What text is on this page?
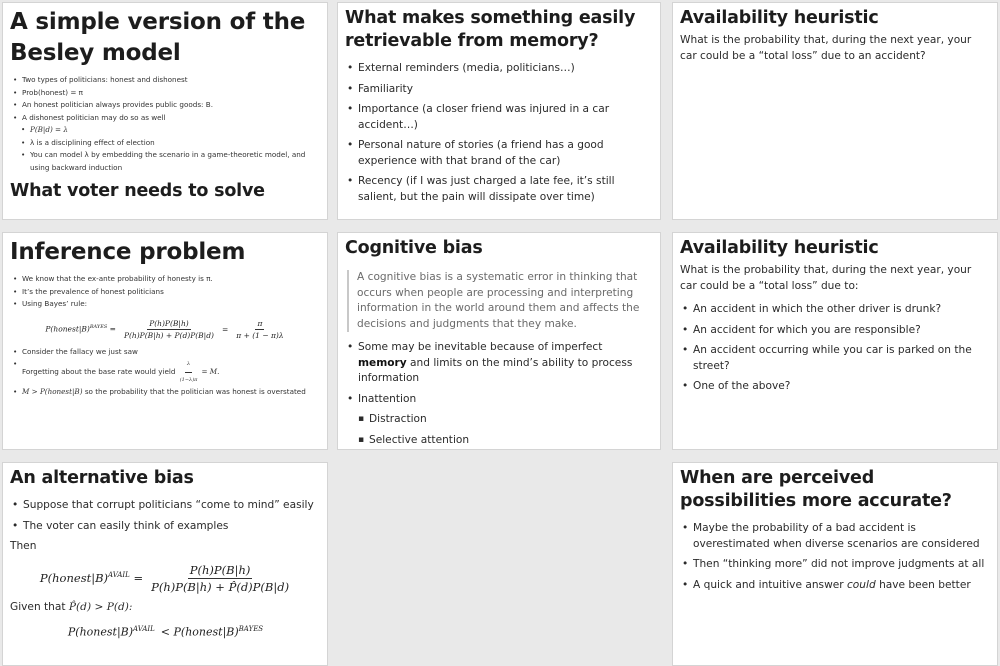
A simple version of the Besley model
• Two types of politicians: honest and dishonest
• Prob(honest) = π
• An honest politician always provides public goods: B.
• A dishonest politician may do so as well
• P(B|d) = λ
• λ is a disciplining effect of election
• You can model λ by embedding the scenario in a game-theoretic model, and using backward induction
What voter needs to solve
What makes something easily retrievable from memory?
• External reminders (media, politicians…)
• Familiarity
• Importance (a closer friend was injured in a car accident…)
• Personal nature of stories (a friend has a good experience with that brand of the car)
• Recency (if I was just charged a late fee, it’s still salient, but the pain will dissipate over time)
Availability heuristic

What is the probability that, during the next year, your car could be a “total loss” due to an accident?

Inference problem
• We know that the ex-ante probability of honesty is π.
• It’s the prevalence of honest politicians
• Using Bayes’ rule:
P(honest|B)$^{BAYES}$ = $\frac{P(h)P(B|h)}{P(h)P(B|h) + P(d)P(B|d)} = \frac{\pi}{\pi + (1 - \pi)\lambda}$
• Consider the fallacy we just saw
• Forgetting about the base rate would yield $\frac{\lambda}{(1-\lambda)\pi} = M$.
• M > P(honest|B) so the probability that the politician was honest is overstated
Cognitive bias
A cognitive bias is a systematic error in thinking that occurs when people are processing and interpreting information in the world around them and affects the decisions and judgments that they make.
• Some may be inevitable because of imperfect memory and limits on the mind’s ability to process information
• Inattention
▪ Distraction
▪ Selective attention
Availability heuristic

What is the probability that, during the next year, your car could be a “total loss” due to:

• An accident in which the other driver is drunk?
• An accident for which you are responsible?
• An accident occurring while you car is parked on the street?
• One of the above?
An alternative bias
• Suppose that corrupt politicians “come to mind” easily
• The voter can easily think of examples

Then

P(honest|B)$^{AVAIL}$ = $\frac{P(h)P(B|h)}{P(h)P(B|h) + P̂(d)P(B|d)}$

Given that P̂(d) > P(d):

P(honest|B)$^{AVAIL}$ < P(honest|B)$^{BAYES}$
When are perceived possibilities more accurate?
• Maybe the probability of a bad accident is overestimated when diverse scenarios are considered
• Then “thinking more” did not improve judgments at all
• A quick and intuitive answer could have been better
